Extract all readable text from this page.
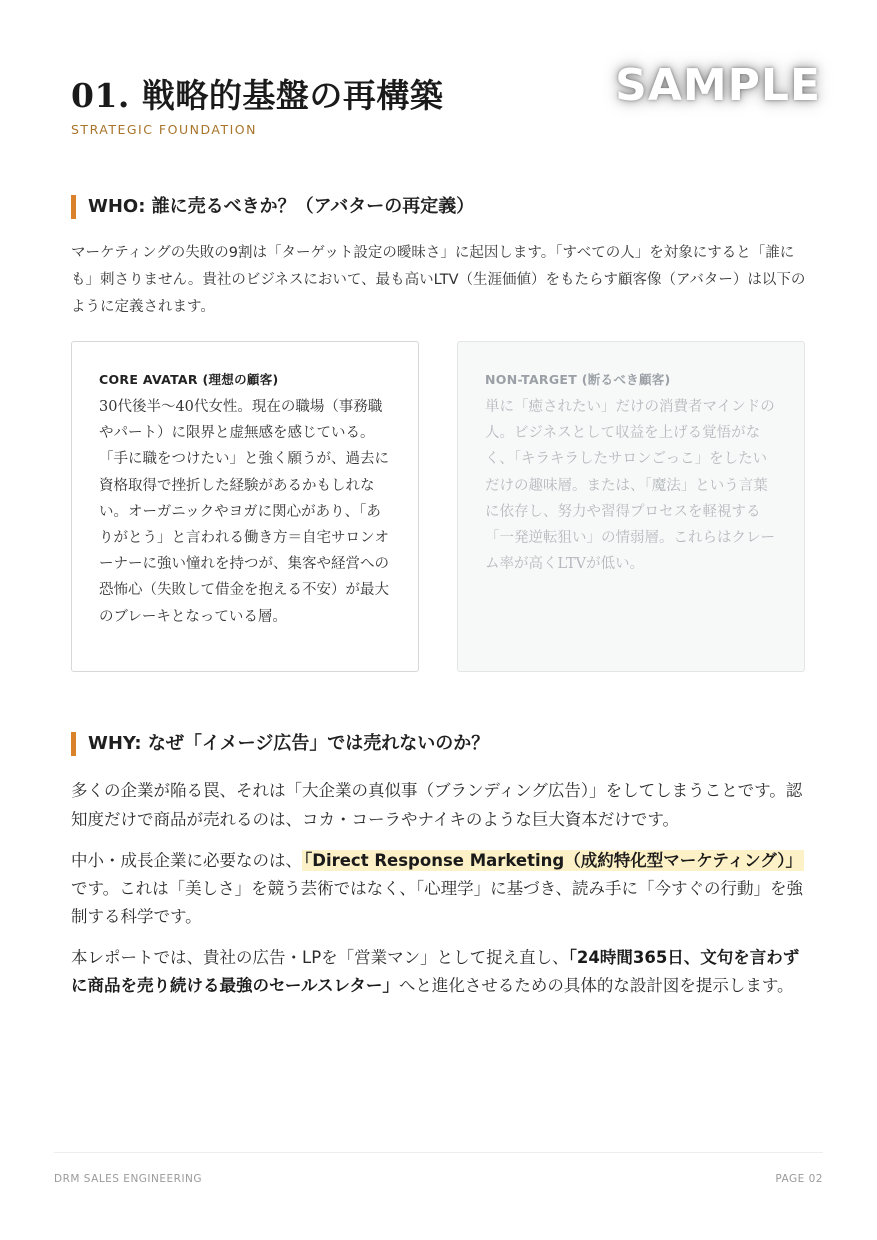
SAMPLE
01. 戦略的基盤の再構築
STRATEGIC FOUNDATION
WHO: 誰に売るべきか？（アバターの再定義）

マーケティングの失敗の9割は「ターゲット設定の曖昧さ」に起因します。「すべての人」を対象にすると「誰にも」刺さりません。貴社のビジネスにおいて、最も高いLTV（生涯価値）をもたらす顧客像（アバター）は以下のように定義されます。

CORE AVATAR (理想の顧客)

30代後半〜40代女性。現在の職場（事務職やパート）に限界と虚無感を感じている。「手に職をつけたい」と強く願うが、過去に資格取得で挫折した経験があるかもしれない。オーガニックやヨガに関心があり、「ありがとう」と言われる働き方＝自宅サロンオーナーに強い憧れを持つが、集客や経営への恐怖心（失敗して借金を抱える不安）が最大のブレーキとなっている層。

NON-TARGET (断るべき顧客)

単に「癒されたい」だけの消費者マインドの人。ビジネスとして収益を上げる覚悟がなく、「キラキラしたサロンごっこ」をしたいだけの趣味層。または、「魔法」という言葉に依存し、努力や習得プロセスを軽視する「一発逆転狙い」の情弱層。これらはクレーム率が高くLTVが低い。

WHY: なぜ「イメージ広告」では売れないのか？

多くの企業が陥る罠、それは「大企業の真似事（ブランディング広告）」をしてしまうことです。認知度だけで商品が売れるのは、コカ・コーラやナイキのような巨大資本だけです。

中小・成長企業に必要なのは、 「Direct Response Marketing（成約特化型マーケティング）」です。これは「美しさ」を競う芸術ではなく、「心理学」に基づき、読み手に「今すぐの行動」を強制する科学です。

本レポートでは、貴社の広告・LPを「営業マン」として捉え直し、「24時間365日、文句を言わずに商品を売り続ける最強のセールスレター」へと進化させるための具体的な設計図を提示します。

DRM SALES ENGINEERING	PAGE 02
